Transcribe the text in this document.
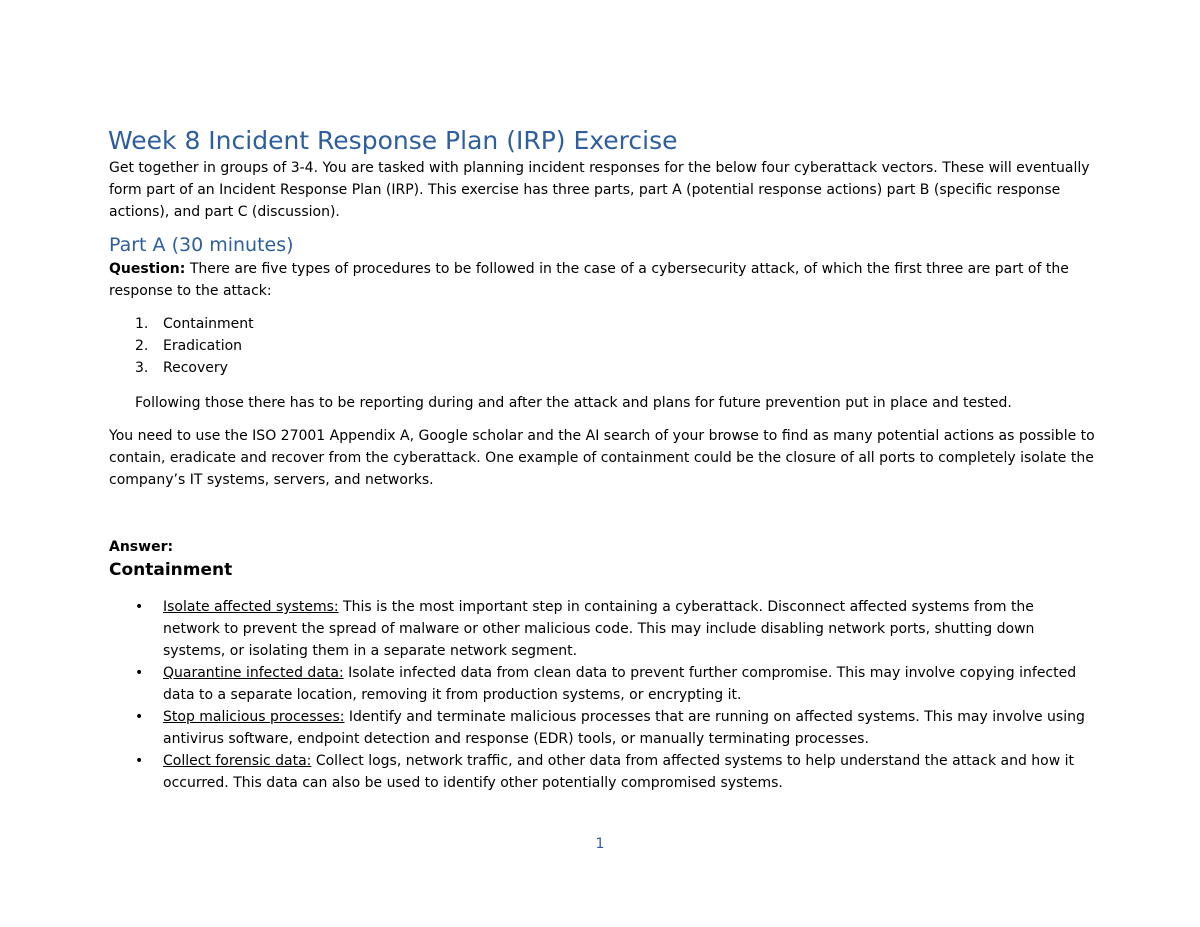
Week 8 Incident Response Plan (IRP) Exercise

Get together in groups of 3-4. You are tasked with planning incident responses for the below four cyberattack vectors. These will eventually form part of an Incident Response Plan (IRP). This exercise has three parts, part A (potential response actions) part B (specific response actions), and part C (discussion).

Part A (30 minutes)

Question: There are five types of procedures to be followed in the case of a cybersecurity attack, of which the first three are part of the response to the attack:

1. Containment
2. Eradication
3. Recovery

Following those there has to be reporting during and after the attack and plans for future prevention put in place and tested.

You need to use the ISO 27001 Appendix A, Google scholar and the AI search of your browse to find as many potential actions as possible to contain, eradicate and recover from the cyberattack. One example of containment could be the closure of all ports to completely isolate the company’s IT systems, servers, and networks.

Answer:

Containment

• Isolate affected systems: This is the most important step in containing a cyberattack. Disconnect affected systems from the network to prevent the spread of malware or other malicious code. This may include disabling network ports, shutting down systems, or isolating them in a separate network segment.
• Quarantine infected data: Isolate infected data from clean data to prevent further compromise. This may involve copying infected data to a separate location, removing it from production systems, or encrypting it.
• Stop malicious processes: Identify and terminate malicious processes that are running on affected systems. This may involve using antivirus software, endpoint detection and response (EDR) tools, or manually terminating processes.
• Collect forensic data: Collect logs, network traffic, and other data from affected systems to help understand the attack and how it occurred. This data can also be used to identify other potentially compromised systems.
1
